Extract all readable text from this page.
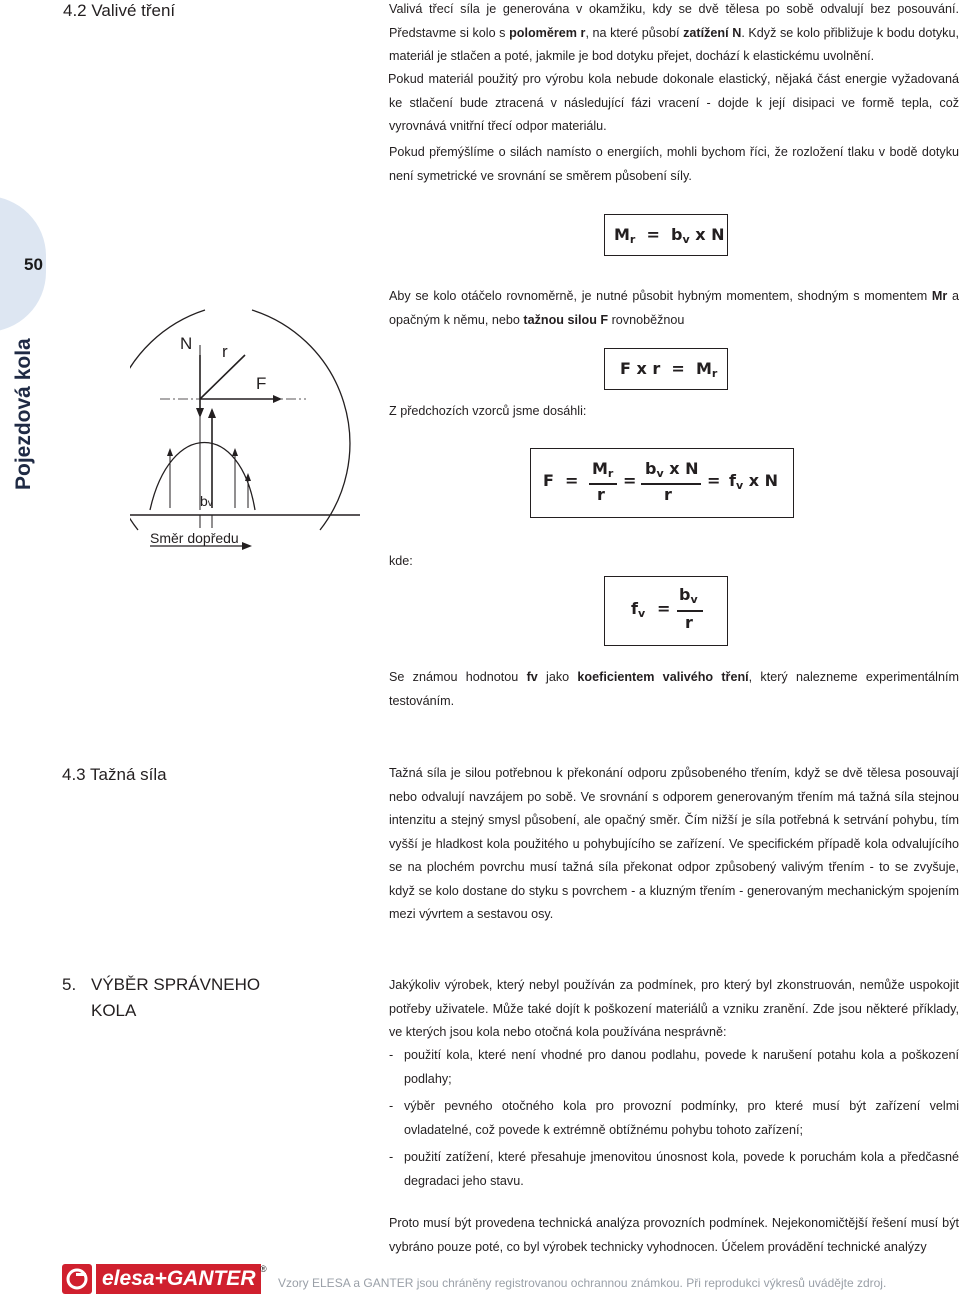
50
Pojezdová kola
4.2 Valivé tření	Valivá třecí síla je generována v okamžiku, kdy se dvě tělesa po sobě odvalují bez posouvání. Představme si kolo s poloměrem r, na které působí zatížení N. Když se kolo přibližuje k bodu dotyku, materiál je stlačen a poté, jakmile je bod dotyku přejet, dochází k elastickému uvolnění.
Pokud materiál použitý pro výrobu kola nebude dokonale elastický, nějaká část energie vyžadovaná ke stlačení bude ztracená v následující fázi vracení - dojde k její disipaci ve formě tepla, což vyrovnává vnitřní třecí odpor materiálu.
Pokud přemýšlíme o silách namísto o energiích, mohli bychom říci, že rozložení tlaku v bodě dotyku není symetrické ve srovnání se směrem působení síly.
Mr = bv x N
Aby se kolo otáčelo rovnoměrně, je nutné působit hybným momentem, shodným s momentem Mr a opačným k němu, nebo tažnou silou F rovnoběžnou
F x r = Mr
Z předchozích vzorců jsme dosáhli:
F =
Mr
r
=
bv x N
r
= fv x N
kde:
fv =
bv
r
Se známou hodnotou fv jako koeficientem valivého tření, který nalezneme experimentálním testováním.
N r
F
bv
Směr dopředu
4.3 Tažná síla	Tažná síla je silou potřebnou k překonání odporu způsobeného třením, když se dvě tělesa posouvají nebo odvalují navzájem po sobě. Ve srovnání s odporem generovaným třením má tažná síla stejnou intenzitu a stejný smysl působení, ale opačný směr. Čím nižší je síla potřebná k setrvání pohybu, tím vyšší je hladkost kola použitého u pohybujícího se zařízení. Ve specifickém případě kola odvalujícího se na plochém povrchu musí tažná síla překonat odpor způsobený valivým třením - to se zvyšuje, když se kolo dostane do styku s povrchem - a kluzným třením - generovaným mechanickým spojením mezi vývrtem a sestavou osy.
5. VÝBĚR SPRÁVNEHO
KOLA
Jakýkoliv výrobek, který nebyl používán za podmínek, pro který byl zkonstruován, nemůže uspokojit potřeby uživatele. Může také dojít k poškození materiálů a vzniku zranění. Zde jsou některé příklady, ve kterých jsou kola nebo otočná kola používána nesprávně:
- použití kola, které není vhodné pro danou podlahu, povede k narušení potahu kola a poškození podlahy;
- výběr pevného otočného kola pro provozní podmínky, pro které musí být zařízení velmi ovladatelné, což povede k extrémně obtížnému pohybu tohoto zařízení;
- použití zatížení, které přesahuje jmenovitou únosnost kola, povede k poruchám kola a předčasné degradaci jeho stavu.
Proto musí být provedena technická analýza provozních podmínek. Nejekonomičtější řešení musí být vybráno pouze poté, co byl výrobek technicky vyhodnocen. Účelem provádění technické analýzy
elesa+GANTER ®
Vzory ELESA a GANTER jsou chráněny registrovanou ochrannou známkou. Při reprodukci výkresů uvádějte zdroj.
